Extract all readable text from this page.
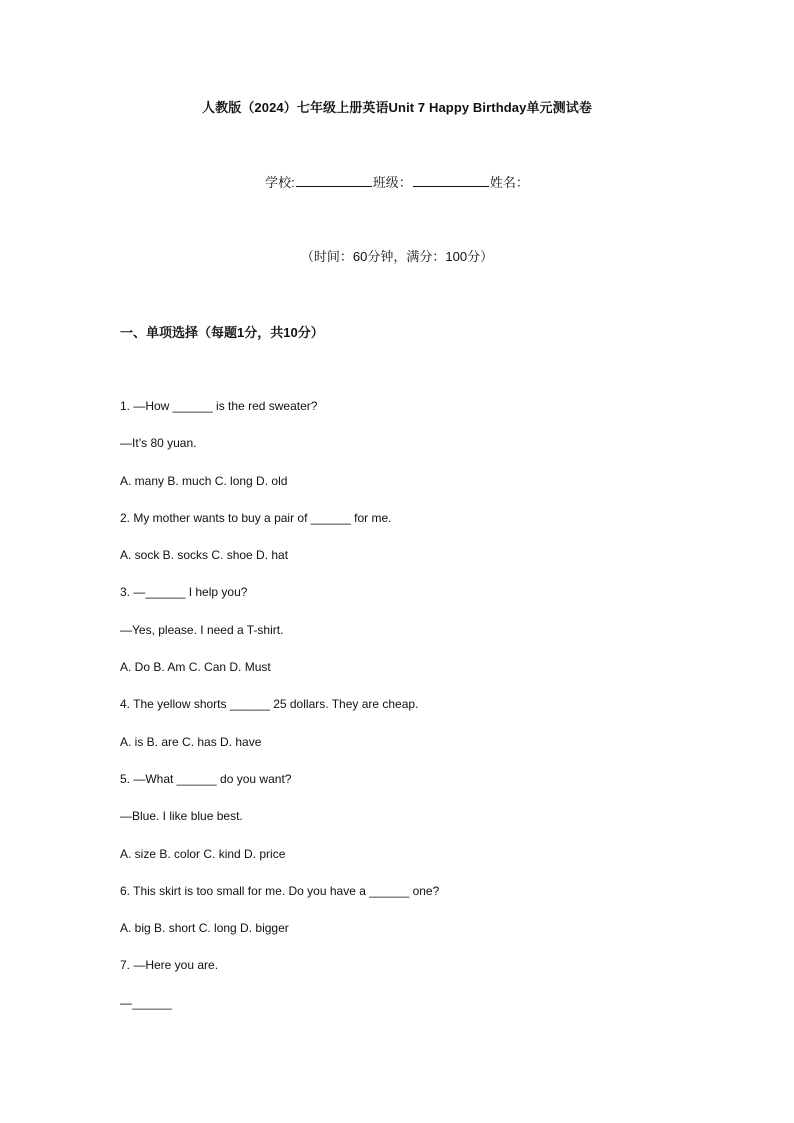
人教版（2024）七年级上册英语Unit 7 Happy Birthday单元测试卷
学校:	班级：	姓名：
（时间：60分钟，满分：100分）
一、单项选择（每题1分，共10分）
1. —How ______ is the red sweater?
—It’s 80 yuan.
A. many B. much C. long D. old
2. My mother wants to buy a pair of ______ for me.
A. sock B. socks C. shoe D. hat
3. —______ I help you?
—Yes, please. I need a T-shirt.
A. Do B. Am C. Can D. Must
4. The yellow shorts ______ 25 dollars. They are cheap.
A. is B. are C. has D. have
5. —What ______ do you want?
—Blue. I like blue best.
A. size B. color C. kind D. price
6. This skirt is too small for me. Do you have a ______ one?
A. big B. short C. long D. bigger
7. —Here you are.
—______
